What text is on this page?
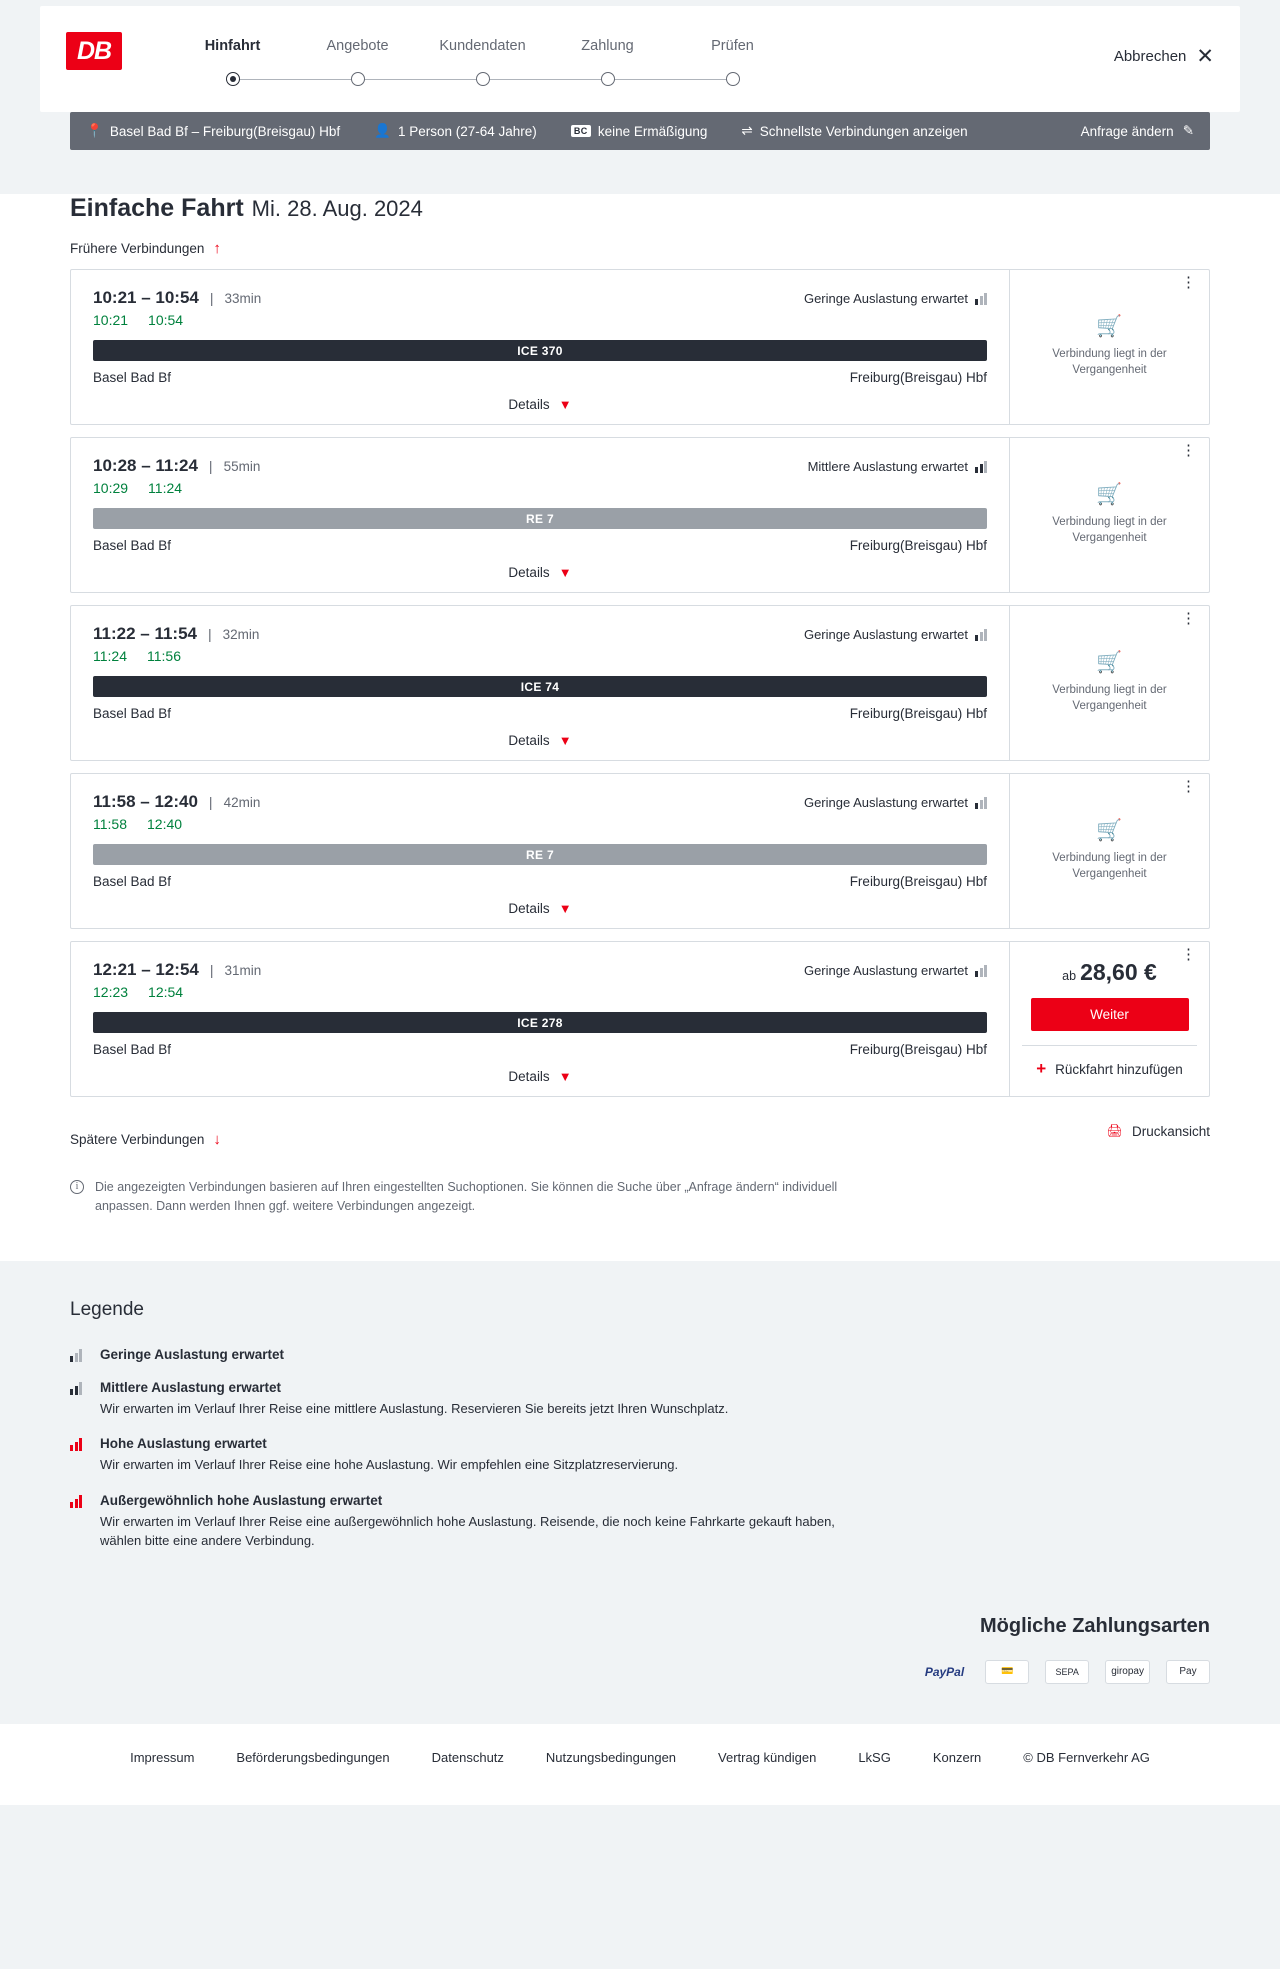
DB	Hinfahrt	Angebote	Kundendaten	Zahlung	Prüfen
Abbrechen ✕
📍 Basel Bad Bf – Freiburg(Breisgau) Hbf	👤 1 Person (27-64 Jahre)	BC keine Ermäßigung	⇌ Schnellste Verbindungen anzeigen	Anfrage ändern ✎
Einfache Fahrt Mi. 28. Aug. 2024
Frühere Verbindungen ↑
10:21 – 10:54 | 33min	Geringe Auslastung erwartet
10:21 10:54
ICE 370
Basel Bad Bf	Freiburg(Breisgau) Hbf
Details ▼
⋮
🛒
Verbindung liegt in der Vergangenheit
10:28 – 11:24 | 55min	Mittlere Auslastung erwartet
10:29 11:24
RE 7
Basel Bad Bf	Freiburg(Breisgau) Hbf
Details ▼
⋮
🛒
Verbindung liegt in der Vergangenheit
11:22 – 11:54 | 32min	Geringe Auslastung erwartet
11:24 11:56
ICE 74
Basel Bad Bf	Freiburg(Breisgau) Hbf
Details ▼
⋮
🛒
Verbindung liegt in der Vergangenheit
11:58 – 12:40 | 42min	Geringe Auslastung erwartet
11:58 12:40
RE 7
Basel Bad Bf	Freiburg(Breisgau) Hbf
Details ▼
⋮
🛒
Verbindung liegt in der Vergangenheit
12:21 – 12:54 | 31min	Geringe Auslastung erwartet
12:23 12:54
ICE 278
Basel Bad Bf	Freiburg(Breisgau) Hbf
Details ▼
⋮
ab 28,60 €
Weiter
+ Rückfahrt hinzufügen
Spätere Verbindungen ↓
🖨 Druckansicht
i	Die angezeigten Verbindungen basieren auf Ihren eingestellten Suchoptionen. Sie können die Suche über „Anfrage ändern“ individuell anpassen. Dann werden Ihnen ggf. weitere Verbindungen angezeigt.
Legende
Geringe Auslastung erwartet
Mittlere Auslastung erwartet

Wir erwarten im Verlauf Ihrer Reise eine mittlere Auslastung. Reservieren Sie bereits jetzt Ihren Wunschplatz.

Hohe Auslastung erwartet

Wir erwarten im Verlauf Ihrer Reise eine hohe Auslastung. Wir empfehlen eine Sitzplatzreservierung.

Außergewöhnlich hohe Auslastung erwartet

Wir erwarten im Verlauf Ihrer Reise eine außergewöhnlich hohe Auslastung. Reisende, die noch keine Fahrkarte gekauft haben, wählen bitte eine andere Verbindung.

Mögliche Zahlungsarten
PayPal	💳	SEPA	giropay	Pay
Impressum	Beförderungsbedingungen	Datenschutz	Nutzungsbedingungen	Vertrag kündigen	LkSG	Konzern	© DB Fernverkehr AG
